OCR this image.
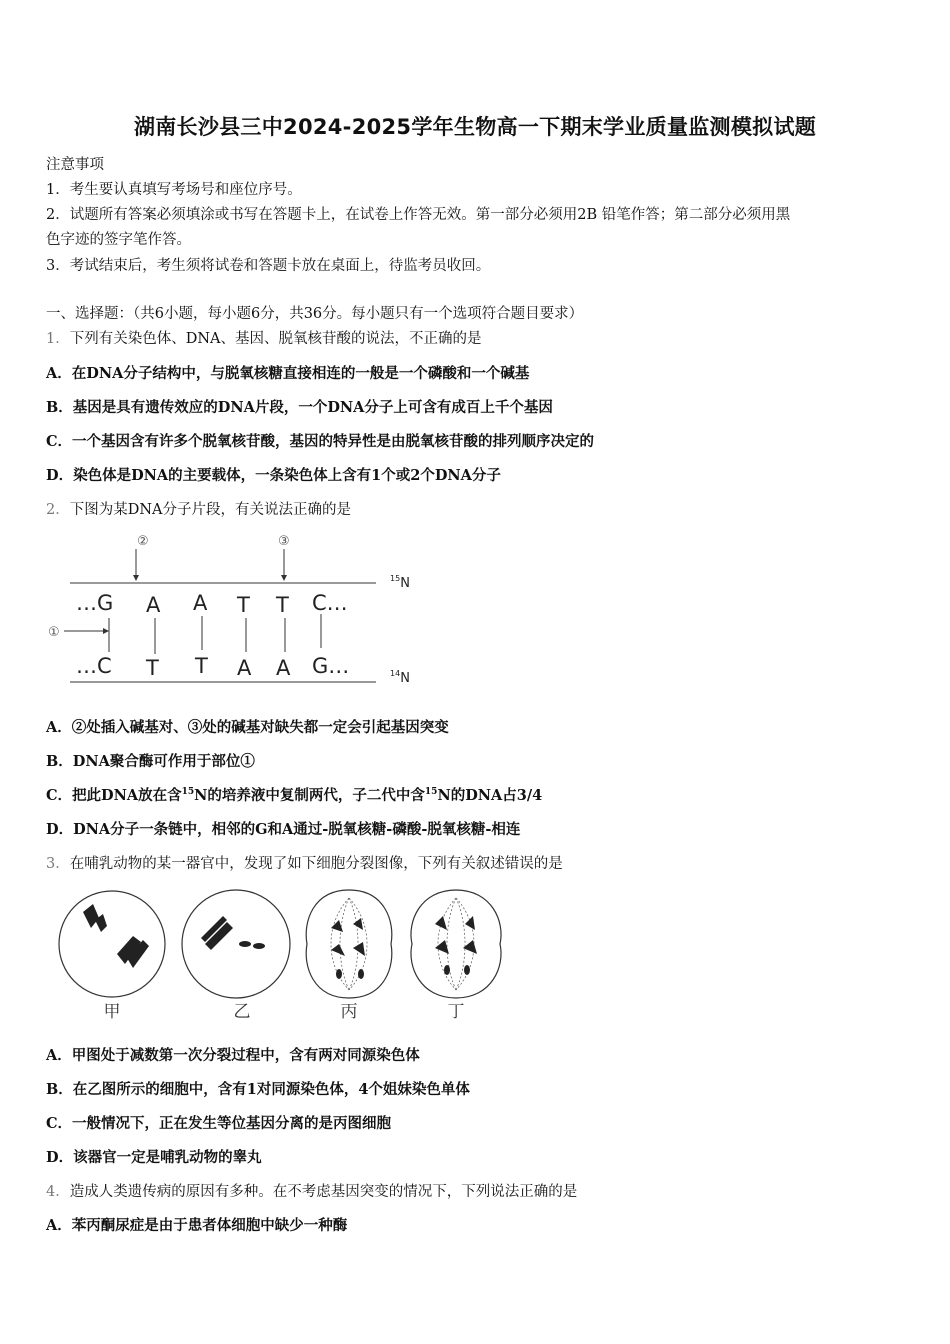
湖南长沙县三中2024-2025学年生物高一下期末学业质量监测模拟试题
注意事项
1．考生要认真填写考场号和座位序号。
2．试题所有答案必须填涂或书写在答题卡上，在试卷上作答无效。第一部分必须用2B 铅笔作答；第二部分必须用黑
色字迹的签字笔作答。
3．考试结束后，考生须将试卷和答题卡放在桌面上，待监考员收回。
一、选择题：（共6小题，每小题6分，共36分。每小题只有一个选项符合题目要求）
1．下列有关染色体、DNA、基因、脱氧核苷酸的说法，不正确的是
A．在DNA分子结构中，与脱氧核糖直接相连的一般是一个磷酸和一个碱基
B．基因是具有遗传效应的DNA片段，一个DNA分子上可含有成百上千个基因
C．一个基因含有许多个脱氧核苷酸，基因的特异性是由脱氧核苷酸的排列顺序决定的
D．染色体是DNA的主要载体，一条染色体上含有1个或2个DNA分子
2．下图为某DNA分子片段，有关说法正确的是
②	③
$^{15}$N
$^{14}$N
①
…G A A T T C…
…C T T A A G…
A．②处插入碱基对、③处的碱基对缺失都一定会引起基因突变
B．DNA聚合酶可作用于部位①
C．把此DNA放在含$^{15}$N的培养液中复制两代，子二代中含$^{15}$N的DNA占3/4
D．DNA分子一条链中，相邻的G和A通过-脱氧核糖-磷酸-脱氧核糖-相连
3．在哺乳动物的某一器官中，发现了如下细胞分裂图像，下列有关叙述错误的是
甲	乙	丙	丁
A．甲图处于减数第一次分裂过程中，含有两对同源染色体
B．在乙图所示的细胞中，含有1对同源染色体，4个姐妹染色单体
C．一般情况下，正在发生等位基因分离的是丙图细胞
D．该器官一定是哺乳动物的睾丸
4．造成人类遗传病的原因有多种。在不考虑基因突变的情况下，下列说法正确的是
A．苯丙酮尿症是由于患者体细胞中缺少一种酶
